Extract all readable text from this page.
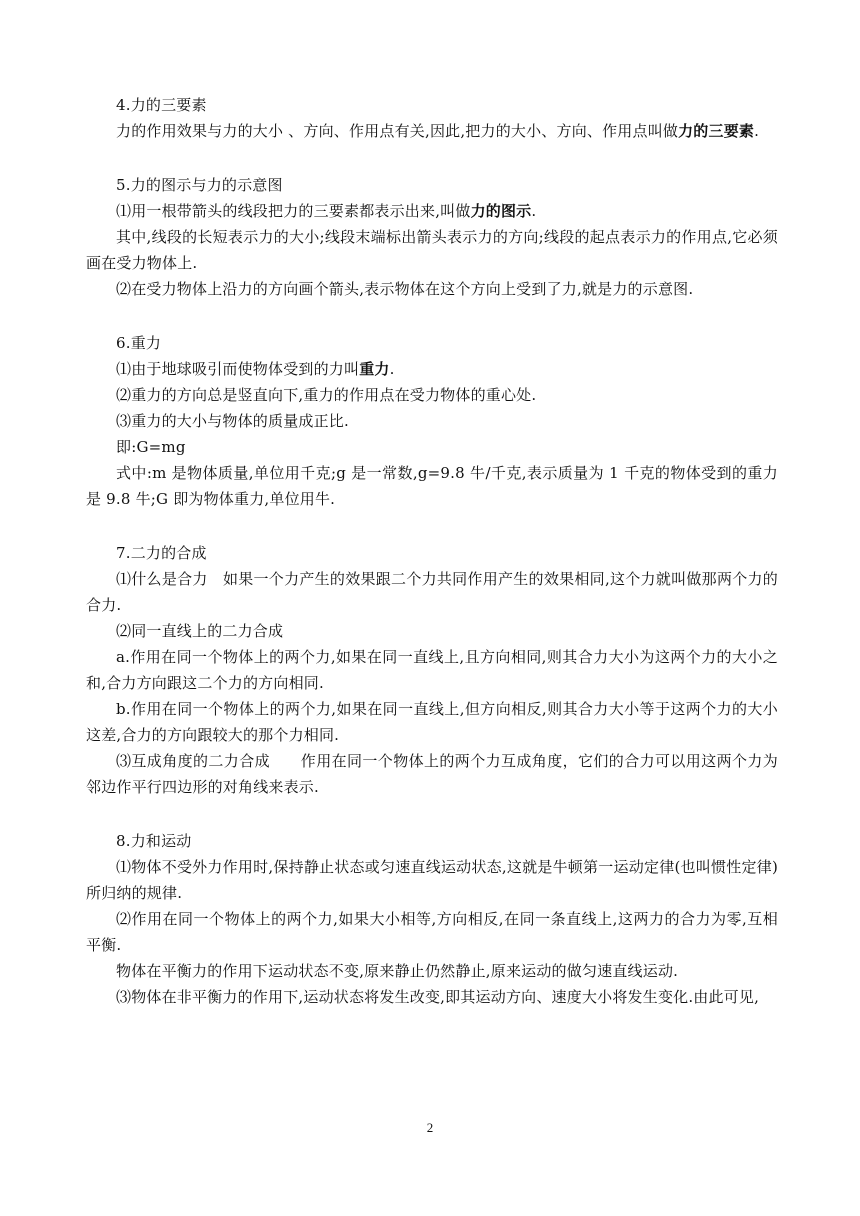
4.力的三要素

力的作用效果与力的大小 、方向、作用点有关,因此,把力的大小、方向、作用点叫做力的三要素.

5.力的图示与力的示意图

⑴用一根带箭头的线段把力的三要素都表示出来,叫做力的图示.

其中,线段的长短表示力的大小;线段末端标出箭头表示力的方向;线段的起点表示力的作用点,它必须画在受力物体上.

⑵在受力物体上沿力的方向画个箭头,表示物体在这个方向上受到了力,就是力的示意图.

6.重力

⑴由于地球吸引而使物体受到的力叫重力.

⑵重力的方向总是竖直向下,重力的作用点在受力物体的重心处.

⑶重力的大小与物体的质量成正比.

即:G=mg

式中:m 是物体质量,单位用千克;g 是一常数,g=9.8 牛/千克,表示质量为 1 千克的物体受到的重力是 9.8 牛;G 即为物体重力,单位用牛.

7.二力的合成

⑴什么是合力　如果一个力产生的效果跟二个力共同作用产生的效果相同,这个力就叫做那两个力的合力.

⑵同一直线上的二力合成

a.作用在同一个物体上的两个力,如果在同一直线上,且方向相同,则其合力大小为这两个力的大小之和,合力方向跟这二个力的方向相同.

b.作用在同一个物体上的两个力,如果在同一直线上,但方向相反,则其合力大小等于这两个力的大小这差,合力的方向跟较大的那个力相同.

⑶互成角度的二力合成　　作用在同一个物体上的两个力互成角度，它们的合力可以用这两个力为邻边作平行四边形的对角线来表示.

8.力和运动

⑴物体不受外力作用时,保持静止状态或匀速直线运动状态,这就是牛顿第一运动定律(也叫惯性定律)所归纳的规律.

⑵作用在同一个物体上的两个力,如果大小相等,方向相反,在同一条直线上,这两力的合力为零,互相平衡.

物体在平衡力的作用下运动状态不变,原来静止仍然静止,原来运动的做匀速直线运动.

⑶物体在非平衡力的作用下,运动状态将发生改变,即其运动方向、速度大小将发生变化.由此可见,

2
